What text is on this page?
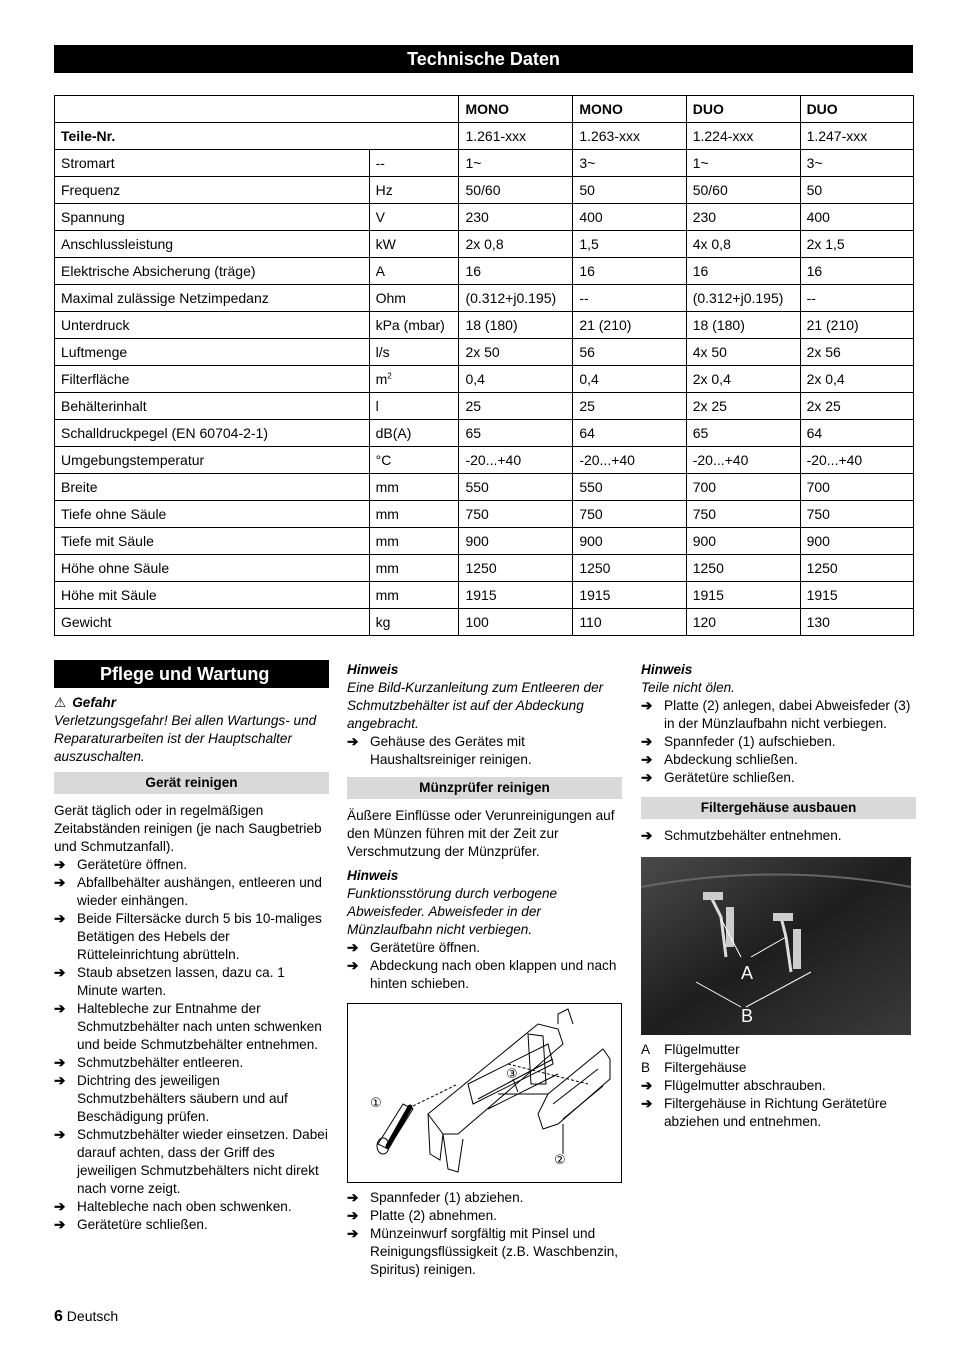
Technische Daten
		MONO	MONO	DUO	DUO
Teile-Nr.		1.261-xxx	1.263-xxx	1.224-xxx	1.247-xxx
Stromart	--	1~	3~	1~	3~
Frequenz	Hz	50/60	50	50/60	50
Spannung	V	230	400	230	400
Anschlussleistung	kW	2x 0,8	1,5	4x 0,8	2x 1,5
Elektrische Absicherung (träge)	A	16	16	16	16
Maximal zulässige Netzimpedanz	Ohm	(0.312+j0.195)	--	(0.312+j0.195)	--
Unterdruck	kPa (mbar)	18 (180)	21 (210)	18 (180)	21 (210)
Luftmenge	l/s	2x 50	56	4x 50	2x 56
Filterfläche	$m^2$	0,4	0,4	2x 0,4	2x 0,4
Behälterinhalt	l	25	25	2x 25	2x 25
Schalldruckpegel (EN 60704-2-1)	dB(A)	65	64	65	64
Umgebungstemperatur	°C	-20...+40	-20...+40	-20...+40	-20...+40
Breite	mm	550	550	700	700
Tiefe ohne Säule	mm	750	750	750	750
Tiefe mit Säule	mm	900	900	900	900
Höhe ohne Säule	mm	1250	1250	1250	1250
Höhe mit Säule	mm	1915	1915	1915	1915
Gewicht	kg	100	110	120	130
Pflege und Wartung
⚠ Gefahr

Verletzungsgefahr! Bei allen Wartungs- und Reparaturarbeiten ist der Hauptschalter auszuschalten.

Gerät reinigen

Gerät täglich oder in regelmäßigen Zeitabständen reinigen (je nach Saugbetrieb und Schmutzanfall).

➔ Gerätetüre öffnen.
➔ Abfallbehälter aushängen, entleeren und wieder einhängen.
➔ Beide Filtersäcke durch 5 bis 10-maliges Betätigen des Hebels der Rütteleinrichtung abrütteln.
➔ Staub absetzen lassen, dazu ca. 1 Minute warten.
➔ Haltebleche zur Entnahme der Schmutzbehälter nach unten schwenken und beide Schmutzbehälter entnehmen.
➔ Schmutzbehälter entleeren.
➔ Dichtring des jeweiligen Schmutzbehälters säubern und auf Beschädigung prüfen.
➔ Schmutzbehälter wieder einsetzen. Dabei darauf achten, dass der Griff des jeweiligen Schmutzbehälters nicht direkt nach vorne zeigt.
➔ Haltebleche nach oben schwenken.
➔ Gerätetüre schließen.
Hinweis

Eine Bild-Kurzanleitung zum Entleeren der Schmutzbehälter ist auf der Abdeckung angebracht.

➔ Gehäuse des Gerätes mit Haushaltsreiniger reinigen.
Münzprüfer reinigen

Äußere Einflüsse oder Verunreinigungen auf den Münzen führen mit der Zeit zur Verschmutzung der Münzprüfer.

Hinweis

Funktionsstörung durch verbogene Abweisfeder. Abweisfeder in der Münzlaufbahn nicht verbiegen.

➔ Gerätetüre öffnen.
➔ Abdeckung nach oben klappen und nach hinten schieben.
①
②
③
➔ Spannfeder (1) abziehen.
➔ Platte (2) abnehmen.
➔ Münzeinwurf sorgfältig mit Pinsel und Reinigungsflüssigkeit (z.B. Waschbenzin, Spiritus) reinigen.
Hinweis

Teile nicht ölen.

➔ Platte (2) anlegen, dabei Abweisfeder (3) in der Münzlaufbahn nicht verbiegen.
➔ Spannfeder (1) aufschieben.
➔ Abdeckung schließen.
➔ Gerätetüre schließen.
Filtergehäuse ausbauen
➔ Schmutzbehälter entnehmen.
A
B
A	Flügelmutter
B	Filtergehäuse
➔ Flügelmutter abschrauben.
➔ Filtergehäuse in Richtung Gerätetüre abziehen und entnehmen.
6 Deutsch
